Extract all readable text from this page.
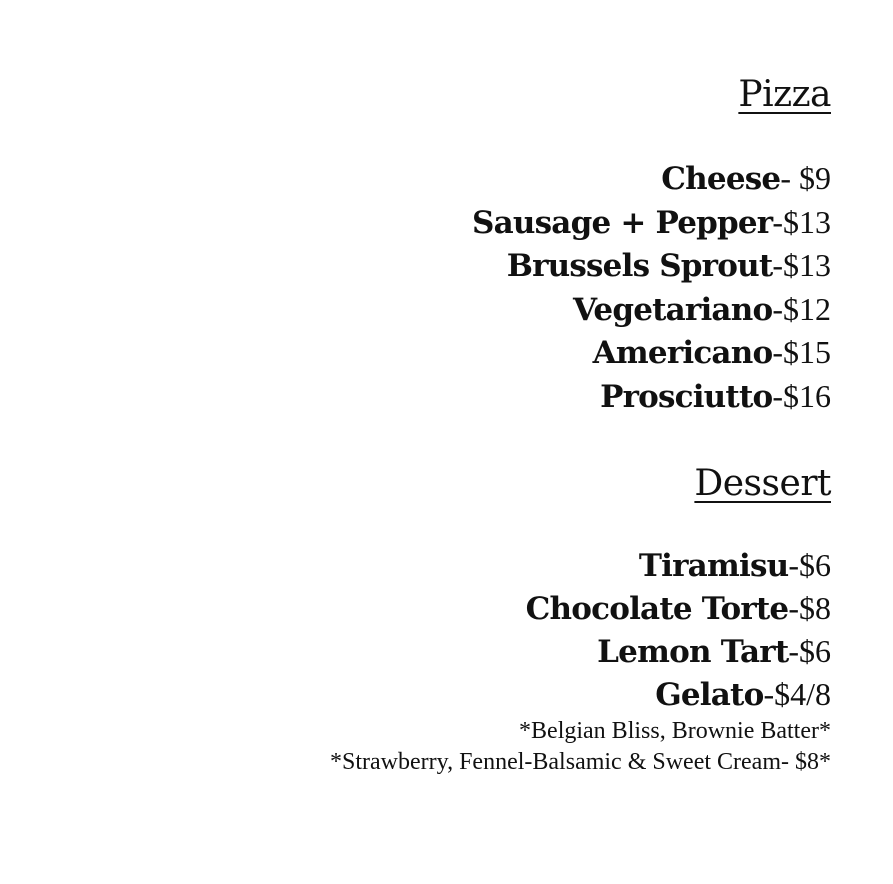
Pizza
Cheese- $9
Sausage + Pepper-$13
Brussels Sprout-$13
Vegetariano-$12
Americano-$15
Prosciutto-$16
Dessert
Tiramisu-$6
Chocolate Torte-$8
Lemon Tart-$6
Gelato-$4/8
*Belgian Bliss, Brownie Batter*
*Strawberry, Fennel-Balsamic & Sweet Cream- $8*
